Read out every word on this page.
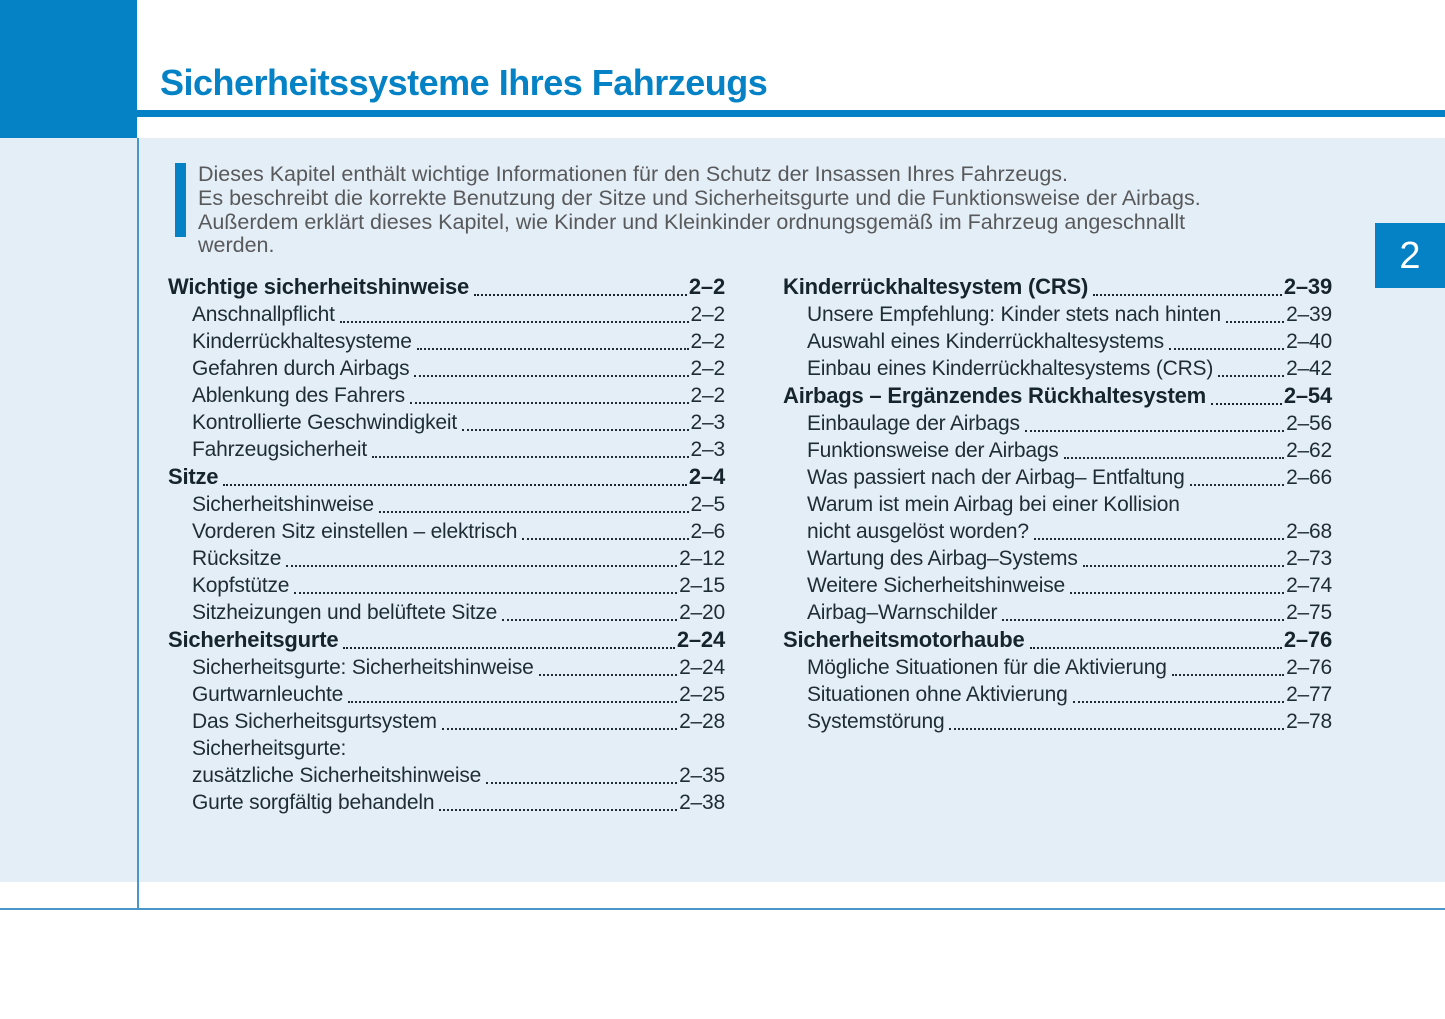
Sicherheitssysteme Ihres Fahrzeugs
2
Dieses Kapitel enthält wichtige Informationen für den Schutz der Insassen Ihres Fahrzeugs.
Es beschreibt die korrekte Benutzung der Sitze und Sicherheitsgurte und die Funktionsweise der Airbags.
Außerdem erklärt dieses Kapitel, wie Kinder und Kleinkinder ordnungsgemäß im Fahrzeug angeschnallt
werden.
Wichtige sicherheitshinweise	2–2
Anschnallpflicht	2–2
Kinderrückhaltesysteme	2–2
Gefahren durch Airbags	2–2
Ablenkung des Fahrers	2–2
Kontrollierte Geschwindigkeit	2–3
Fahrzeugsicherheit	2–3
Sitze	2–4
Sicherheitshinweise	2–5
Vorderen Sitz einstellen – elektrisch	2–6
Rücksitze	2–12
Kopfstütze	2–15
Sitzheizungen und belüftete Sitze	2–20
Sicherheitsgurte	2–24
Sicherheitsgurte: Sicherheitshinweise	2–24
Gurtwarnleuchte	2–25
Das Sicherheitsgurtsystem	2–28
Sicherheitsgurte:
zusätzliche Sicherheitshinweise	2–35
Gurte sorgfältig behandeln	2–38
Kinderrückhaltesystem (CRS)	2–39
Unsere Empfehlung: Kinder stets nach hinten	2–39
Auswahl eines Kinderrückhaltesystems	2–40
Einbau eines Kinderrückhaltesystems (CRS)	2–42
Airbags – Ergänzendes Rückhaltesystem	2–54
Einbaulage der Airbags	2–56
Funktionsweise der Airbags	2–62
Was passiert nach der Airbag– Entfaltung	2–66
Warum ist mein Airbag bei einer Kollision
nicht ausgelöst worden?	2–68
Wartung des Airbag–Systems	2–73
Weitere Sicherheitshinweise	2–74
Airbag–Warnschilder	2–75
Sicherheitsmotorhaube	2–76
Mögliche Situationen für die Aktivierung	2–76
Situationen ohne Aktivierung	2–77
Systemstörung	2–78
